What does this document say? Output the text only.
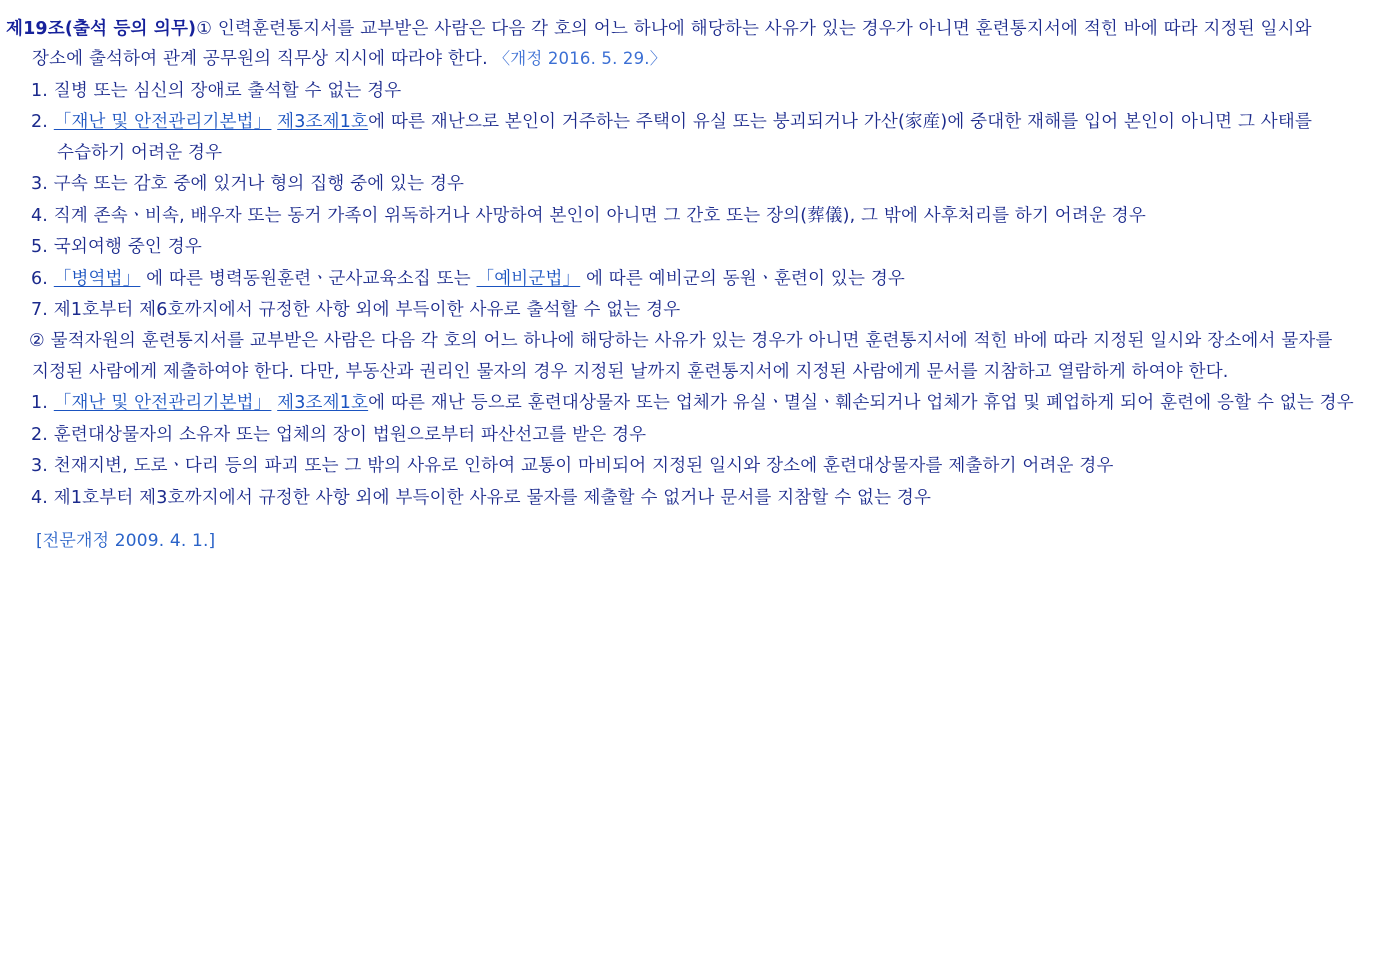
제19조(출석 등의 의무)① 인력훈련통지서를 교부받은 사람은 다음 각 호의 어느 하나에 해당하는 사유가 있는 경우가 아니면 훈련통지서에 적힌 바에 따라 지정된 일시와 장소에 출석하여 관계 공무원의 직무상 지시에 따라야 한다. 〈개정 2016. 5. 29.〉

1. 질병 또는 심신의 장애로 출석할 수 없는 경우

2. 「재난 및 안전관리기본법」 제3조제1호에 따른 재난으로 본인이 거주하는 주택이 유실 또는 붕괴되거나 가산(家産)에 중대한 재해를 입어 본인이 아니면 그 사태를 수습하기 어려운 경우

3. 구속 또는 감호 중에 있거나 형의 집행 중에 있는 경우

4. 직계 존속ㆍ비속, 배우자 또는 동거 가족이 위독하거나 사망하여 본인이 아니면 그 간호 또는 장의(葬儀), 그 밖에 사후처리를 하기 어려운 경우

5. 국외여행 중인 경우

6. 「병역법」 에 따른 병력동원훈련ㆍ군사교육소집 또는 「예비군법」 에 따른 예비군의 동원ㆍ훈련이 있는 경우

7. 제1호부터 제6호까지에서 규정한 사항 외에 부득이한 사유로 출석할 수 없는 경우

② 물적자원의 훈련통지서를 교부받은 사람은 다음 각 호의 어느 하나에 해당하는 사유가 있는 경우가 아니면 훈련통지서에 적힌 바에 따라 지정된 일시와 장소에서 물자를 지정된 사람에게 제출하여야 한다. 다만, 부동산과 권리인 물자의 경우 지정된 날까지 훈련통지서에 지정된 사람에게 문서를 지참하고 열람하게 하여야 한다.

1. 「재난 및 안전관리기본법」 제3조제1호에 따른 재난 등으로 훈련대상물자 또는 업체가 유실ㆍ멸실ㆍ훼손되거나 업체가 휴업 및 폐업하게 되어 훈련에 응할 수 없는 경우

2. 훈련대상물자의 소유자 또는 업체의 장이 법원으로부터 파산선고를 받은 경우

3. 천재지변, 도로ㆍ다리 등의 파괴 또는 그 밖의 사유로 인하여 교통이 마비되어 지정된 일시와 장소에 훈련대상물자를 제출하기 어려운 경우

4. 제1호부터 제3호까지에서 규정한 사항 외에 부득이한 사유로 물자를 제출할 수 없거나 문서를 지참할 수 없는 경우

[전문개정 2009. 4. 1.]
